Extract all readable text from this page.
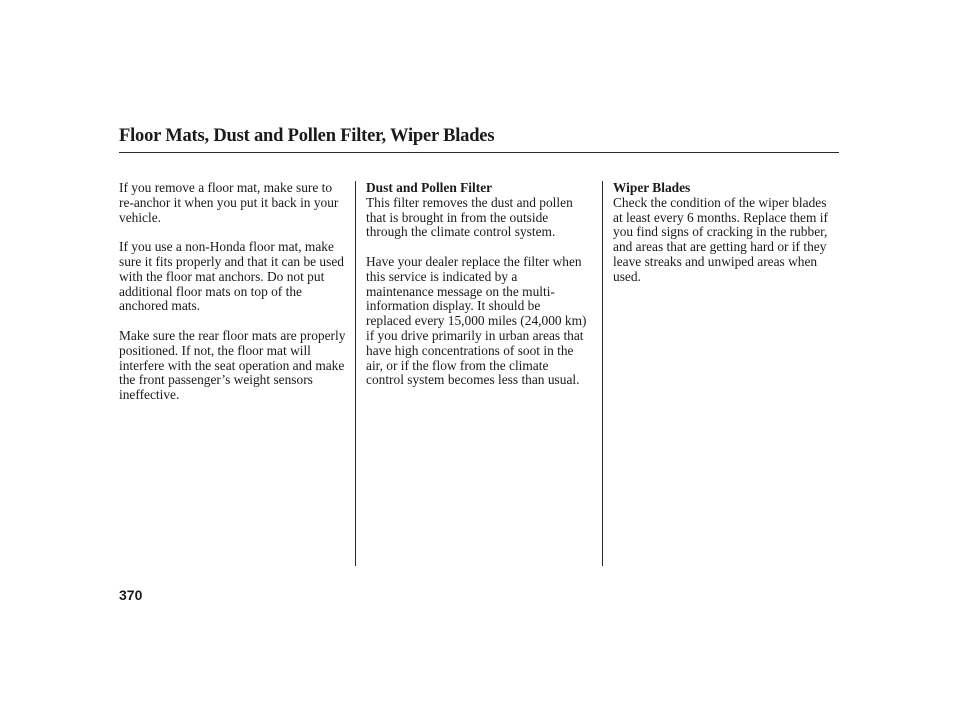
Floor Mats, Dust and Pollen Filter, Wiper Blades

If you remove a floor mat, make sure to re-anchor it when you put it back in your vehicle.

If you use a non-Honda floor mat, make sure it fits properly and that it can be used with the floor mat anchors. Do not put additional floor mats on top of the anchored mats.

Make sure the rear floor mats are properly positioned. If not, the floor mat will interfere with the seat operation and make the front passenger’s weight sensors ineffective.

Dust and Pollen Filter
This filter removes the dust and pollen that is brought in from the outside through the climate control system.

Have your dealer replace the filter when this service is indicated by a maintenance message on the multi-information display. It should be replaced every 15,000 miles (24,000 km) if you drive primarily in urban areas that have high concentrations of soot in the air, or if the flow from the climate control system becomes less than usual.

Wiper Blades
Check the condition of the wiper blades at least every 6 months. Replace them if you find signs of cracking in the rubber, and areas that are getting hard or if they leave streaks and unwiped areas when used.

370
